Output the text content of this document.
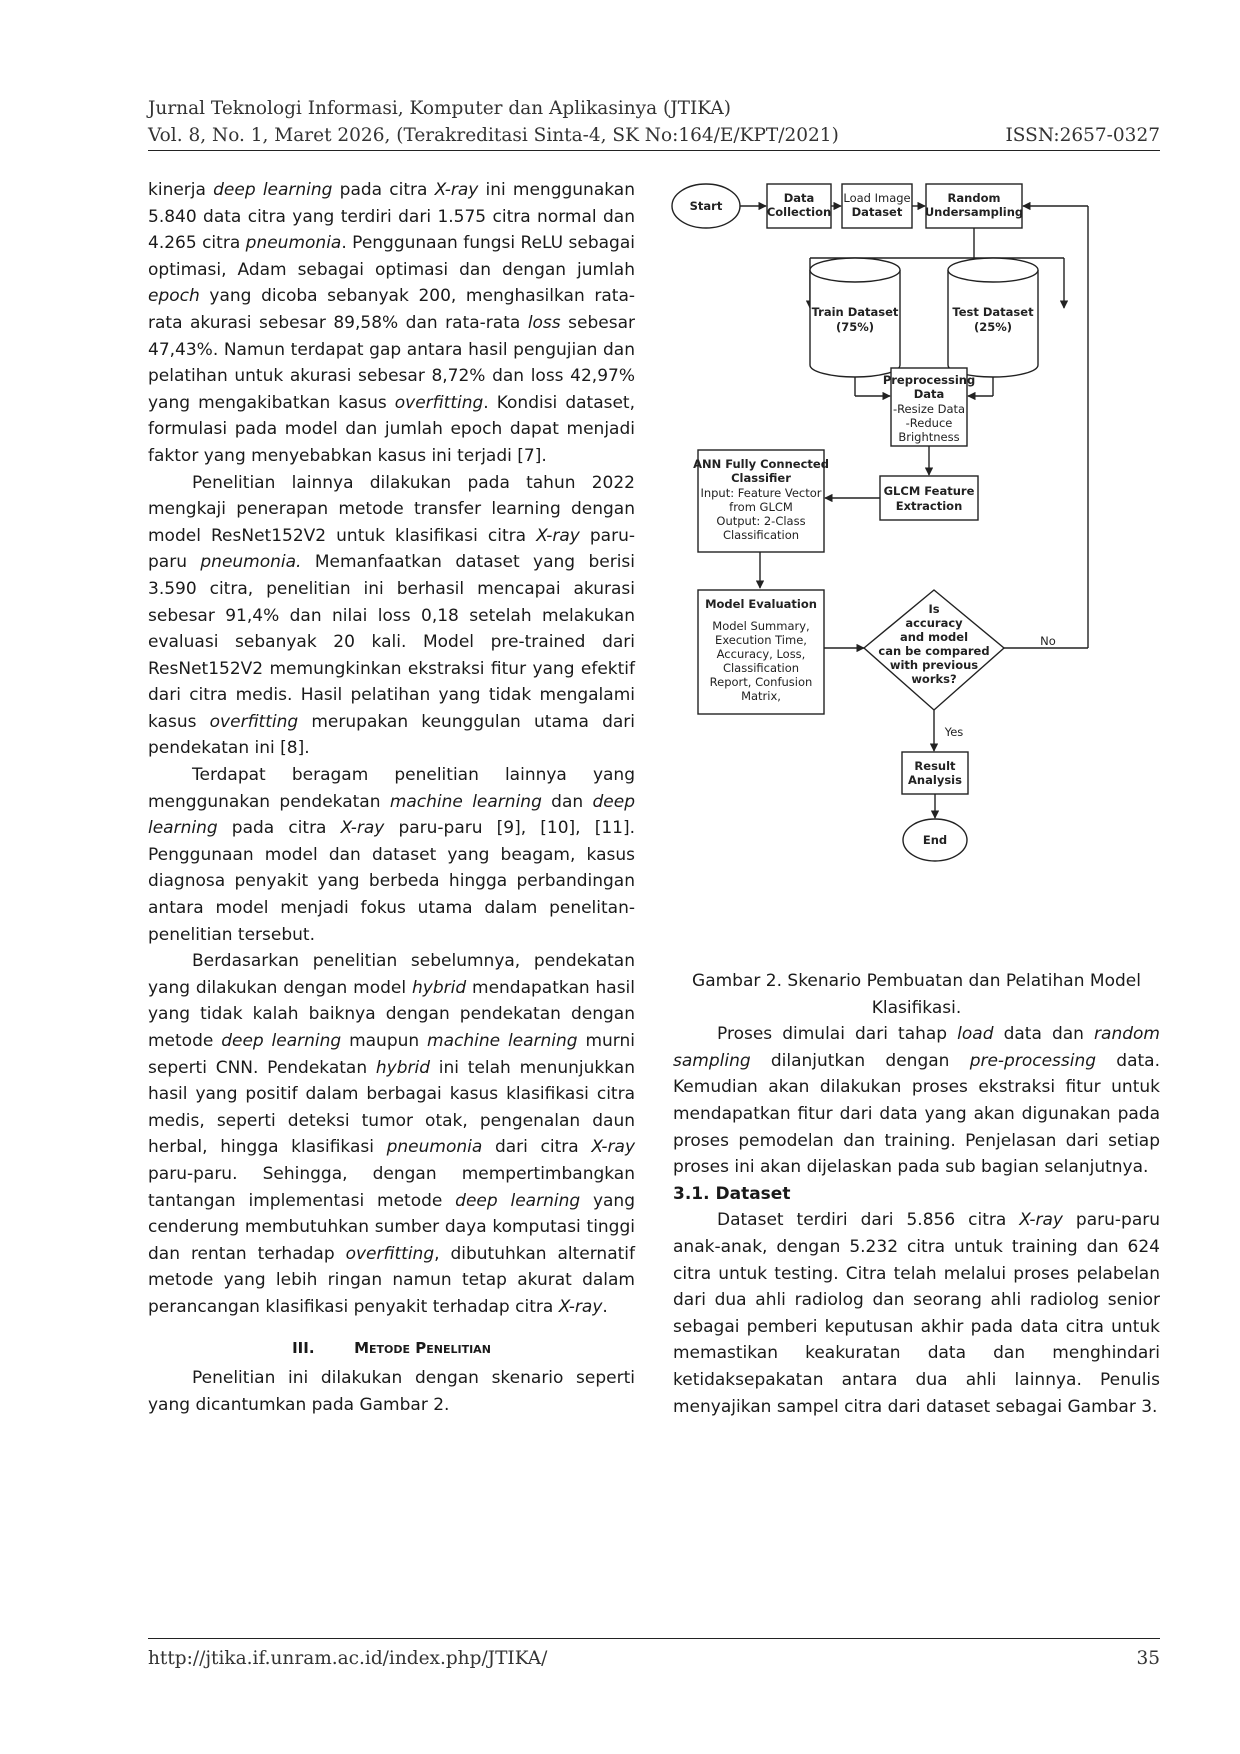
Jurnal Teknologi Informasi, Komputer dan Aplikasinya (JTIKA)
Vol. 8, No. 1, Maret 2026, (Terakreditasi Sinta-4, SK No:164/E/KPT/2021)	ISSN:2657-0327

kinerja deep learning pada citra X-ray ini menggunakan 5.840 data citra yang terdiri dari 1.575 citra normal dan 4.265 citra pneumonia. Penggunaan fungsi ReLU sebagai optimasi, Adam sebagai optimasi dan dengan jumlah epoch yang dicoba sebanyak 200, menghasilkan rata-rata akurasi sebesar 89,58% dan rata-rata loss sebesar 47,43%. Namun terdapat gap antara hasil pengujian dan pelatihan untuk akurasi sebesar 8,72% dan loss 42,97% yang mengakibatkan kasus overfitting. Kondisi dataset, formulasi pada model dan jumlah epoch dapat menjadi faktor yang menyebabkan kasus ini terjadi [7].

Penelitian lainnya dilakukan pada tahun 2022 mengkaji penerapan metode transfer learning dengan model ResNet152V2 untuk klasifikasi citra X-ray paru-paru pneumonia. Memanfaatkan dataset yang berisi 3.590 citra, penelitian ini berhasil mencapai akurasi sebesar 91,4% dan nilai loss 0,18 setelah melakukan evaluasi sebanyak 20 kali. Model pre-trained dari ResNet152V2 memungkinkan ekstraksi fitur yang efektif dari citra medis. Hasil pelatihan yang tidak mengalami kasus overfitting merupakan keunggulan utama dari pendekatan ini [8].

Terdapat beragam penelitian lainnya yang menggunakan pendekatan machine learning dan deep learning pada citra X-ray paru-paru [9], [10], [11]. Penggunaan model dan dataset yang beagam, kasus diagnosa penyakit yang berbeda hingga perbandingan antara model menjadi fokus utama dalam penelitan-penelitian tersebut.

Berdasarkan penelitian sebelumnya, pendekatan yang dilakukan dengan model hybrid mendapatkan hasil yang tidak kalah baiknya dengan pendekatan dengan metode deep learning maupun machine learning murni seperti CNN. Pendekatan hybrid ini telah menunjukkan hasil yang positif dalam berbagai kasus klasifikasi citra medis, seperti deteksi tumor otak, pengenalan daun herbal, hingga klasifikasi pneumonia dari citra X-ray paru-paru. Sehingga, dengan mempertimbangkan tantangan implementasi metode deep learning yang cenderung membutuhkan sumber daya komputasi tinggi dan rentan terhadap overfitting, dibutuhkan alternatif metode yang lebih ringan namun tetap akurat dalam perancangan klasifikasi penyakit terhadap citra X-ray.

III.	Metode Penelitian

Penelitian ini dilakukan dengan skenario seperti yang dicantumkan pada Gambar 2.

Start
Data
Collection
Load Image
Dataset
Random
Undersampling
Train Dataset
(75%)
Test Dataset
(25%)
Preprocessing
Data
-Resize Data
-Reduce
Brightness
GLCM Feature
Extraction
ANN Fully Connected
Classifier
Input: Feature Vector
from GLCM
Output: 2-Class
Classification
Model Evaluation
Model Summary,
Execution Time,
Accuracy, Loss,
Classification
Report, Confusion
Matrix,
Is
accuracy
and model
can be compared
with previous
works?
No
Yes
Result
Analysis
End

Gambar 2. Skenario Pembuatan dan Pelatihan Model Klasifikasi.

Proses dimulai dari tahap load data dan random sampling dilanjutkan dengan pre-processing data. Kemudian akan dilakukan proses ekstraksi fitur untuk mendapatkan fitur dari data yang akan digunakan pada proses pemodelan dan training. Penjelasan dari setiap proses ini akan dijelaskan pada sub bagian selanjutnya.

3.1. Dataset

Dataset terdiri dari 5.856 citra X-ray paru-paru anak-anak, dengan 5.232 citra untuk training dan 624 citra untuk testing. Citra telah melalui proses pelabelan dari dua ahli radiolog dan seorang ahli radiolog senior sebagai pemberi keputusan akhir pada data citra untuk memastikan keakuratan data dan menghindari ketidaksepakatan antara dua ahli lainnya. Penulis menyajikan sampel citra dari dataset sebagai Gambar 3.

http://jtika.if.unram.ac.id/index.php/JTIKA/	35
